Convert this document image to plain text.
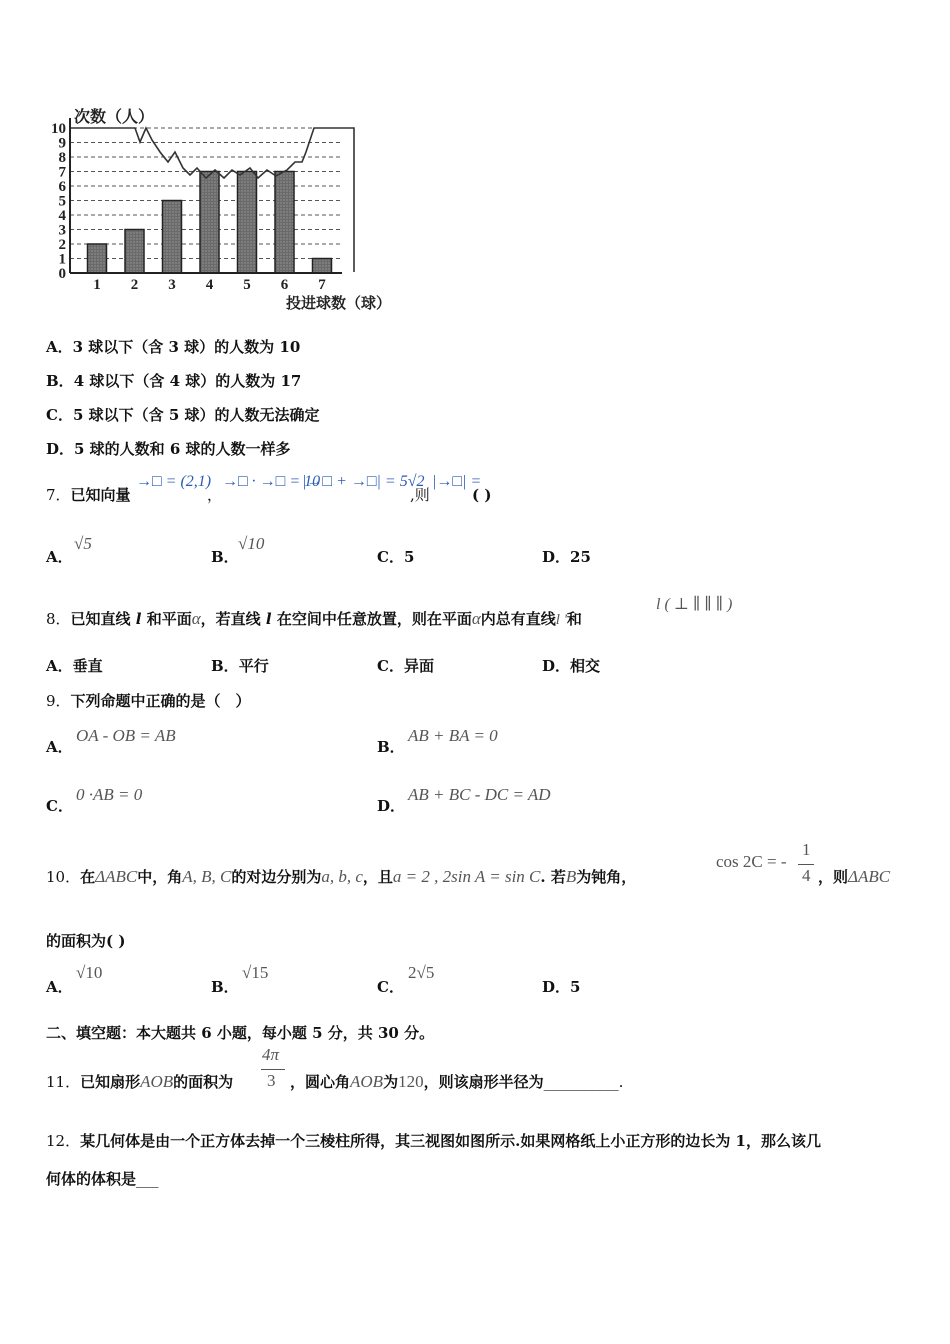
0
1
2
3
4
5
6
7
8
9
10
1 2 3 4 5 6 7
次数（人）
投进球数（球）
A．3 球以下（含 3 球）的人数为 10
B．4 球以下（含 4 球）的人数为 17
C．5 球以下（含 5 球）的人数无法确定
D．5 球的人数和 6 球的人数一样多
7．已知向量
→□ = (2,1)
，
→□ · →□ = 10
|→□ + →□| = 5√2
,则
|→□| =
( )
A．
√5
B．
√10
C．5	D．25
8．已知直线 l 和平面α，若直线 l 在空间中任意放置，则在平面α内总有直线l '和
l ( ⊥ ∥ ∥ ∥ )
A．垂直	B．平行	C．异面	D．相交
9．下列命题中正确的是（　）
A．
OA - OB = AB
B．
AB + BA = 0
C．
0 ·AB = 0
D．
AB + BC - DC = AD
10．在ΔABC中，角A, B, C的对边分别为a, b, c，且a = 2 , 2sin A = sin C. 若B为钝角，
cos 2C = -
1
4 ，则ΔABC
的面积为( )
A．
√10
B．
√15
C．
2√5
D．5
二、填空题：本大题共 6 小题，每小题 5 分，共 30 分。
11．已知扇形AOB的面积为
4π
3 ，圆心角AOB为120，则该扇形半径为__________.
12．某几何体是由一个正方体去掉一个三棱柱所得，其三视图如图所示.如果网格纸上小正方形的边长为 1，那么该几
何体的体积是___
